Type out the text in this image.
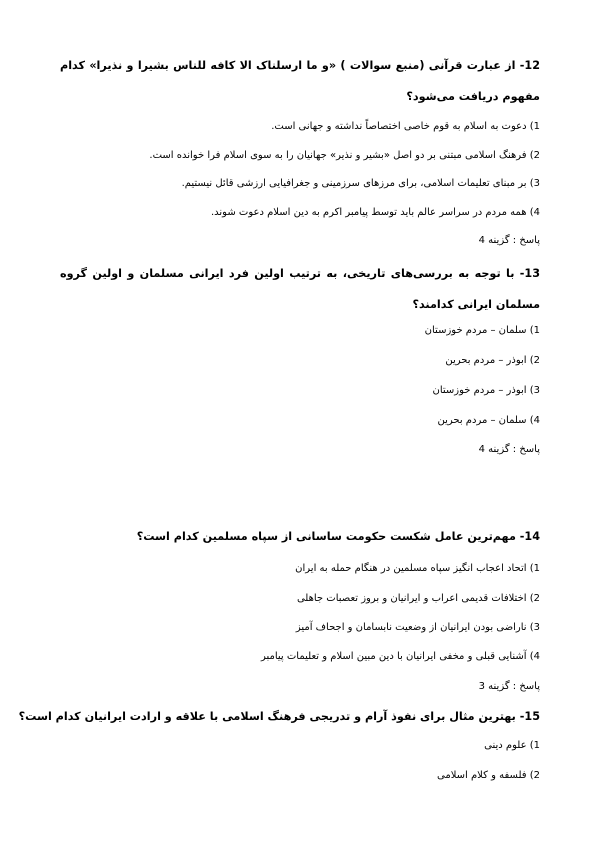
12- از عبارت قرآنی (منبع سوالات ) «و ما ارسلناک الا کافه للناس بشیرا و نذیرا» کدام مفهوم دریافت می‌شود؟
1) دعوت به اسلام به قوم خاصی اختصاصاً نداشته و جهانی است.
2) فرهنگ اسلامی مبتنی بر دو اصل «بشیر و نذیر» جهانیان را به سوی اسلام فرا خوانده است.
3) بر مبنای تعلیمات اسلامی، برای مرزهای سرزمینی و جغرافیایی ارزشی قائل نیستیم.
4) همه مردم در سراسر عالم باید توسط پیامبر اکرم به دین اسلام دعوت شوند.
پاسخ : گزینه 4
13- با توجه به بررسی‌های تاریخی، به ترتیب اولین فرد ایرانی مسلمان و اولین گروه مسلمان ایرانی کدامند؟
1) سلمان – مردم خوزستان
2) ابوذر – مردم بحرین
3) ابوذر – مردم خوزستان
4) سلمان – مردم بحرین
پاسخ : گزینه 4
14- مهم‌ترین عامل شکست حکومت ساسانی از سپاه مسلمین کدام است؟
1) اتحاد اعجاب انگیز سپاه مسلمین در هنگام حمله به ایران
2) اختلافات قدیمی اعراب و ایرانیان و بروز تعصبات جاهلی
3) ناراضی بودن ایرانیان از وضعیت نابسامان و اجحاف آمیز
4) آشنایی قبلی و مخفی ایرانیان با دین مبین اسلام و تعلیمات پیامبر
پاسخ : گزینه 3
15- بهترین مثال برای نفوذ آرام و تدریجی فرهنگ اسلامی با علاقه و ارادت ایرانیان کدام است؟
1) علوم دینی
2) فلسفه و کلام اسلامی
